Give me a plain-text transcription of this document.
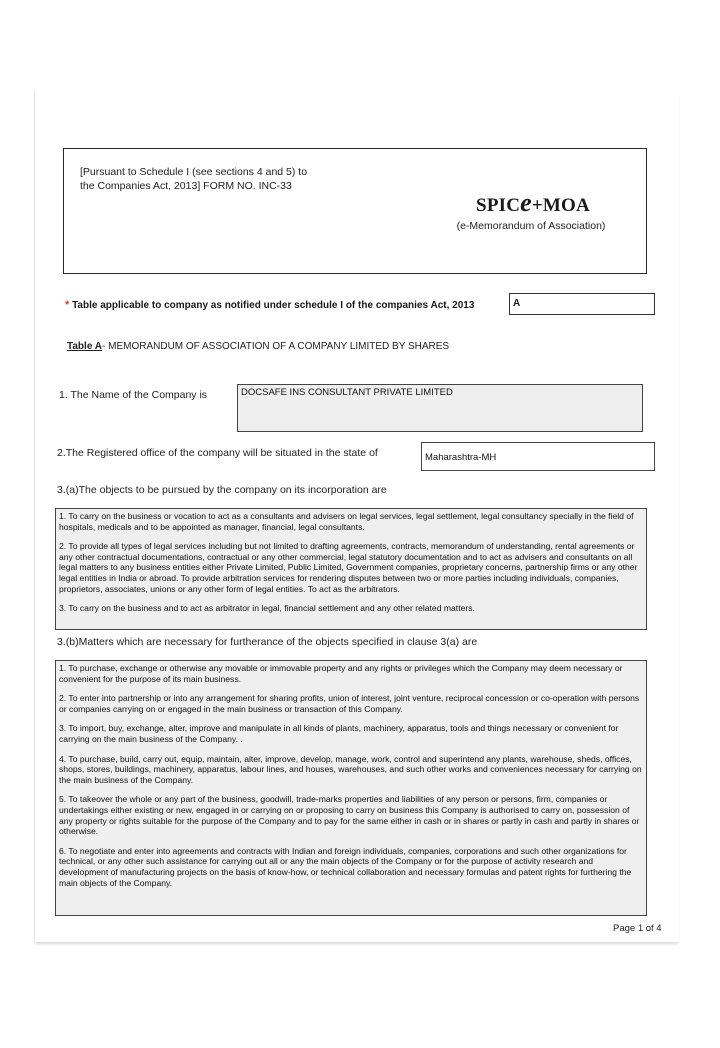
[Pursuant to Schedule I (see sections 4 and 5) to
the Companies Act, 2013] FORM NO. INC-33
SPICe+MOA
(e-Memorandum of Association)
* Table applicable to company as notified under schedule I of the companies Act, 2013	A
Table A- MEMORANDUM OF ASSOCIATION OF A COMPANY LIMITED BY SHARES
1. The Name of the Company is	DOCSAFE INS CONSULTANT PRIVATE LIMITED
2.The Registered office of the company will be situated in the state of	Maharashtra-MH
3.(a)The objects to be pursued by the company on its incorporation are

1. To carry on the business or vocation to act as a consultants and advisers on legal services, legal settlement, legal consultancy specially in the field of hospitals, medicals and to be appointed as manager, financial, legal consultants.

2. To provide all types of legal services including but not limited to drafting agreements, contracts, memorandum of understanding, rental agreements or any other contractual documentations, contractual or any other commercial, legal statutory documentation and to act as advisers and consultants on all legal matters to any business entities either Private Limited, Public Limited, Government companies, proprietary concerns, partnership firms or any other legal entities in India or abroad. To provide arbitration services for rendering disputes between two or more parties including individuals, companies, proprietors, associates, unions or any other form of legal entities. To act as the arbitrators.

3. To carry on the business and to act as arbitrator in legal, financial settlement and any other related matters.

3.(b)Matters which are necessary for furtherance of the objects specified in clause 3(a) are

1. To purchase, exchange or otherwise any movable or immovable property and any rights or privileges which the Company may deem necessary or convenient for the purpose of its main business.

2. To enter into partnership or into any arrangement for sharing profits, union of interest, joint venture, reciprocal concession or co-operation with persons or companies carrying on or engaged in the main business or transaction of this Company.

3. To import, buy, exchange, alter, improve and manipulate in all kinds of plants, machinery, apparatus, tools and things necessary or convenient for carrying on the main business of the Company. .

4. To purchase, build, carry out, equip, maintain, alter, improve, develop, manage, work, control and superintend any plants, warehouse, sheds, offices, shops, stores, buildings, machinery, apparatus, labour lines, and houses, warehouses, and such other works and conveniences necessary for carrying on the main business of the Company.

5. To takeover the whole or any part of the business, goodwill, trade-marks properties and liabilities of any person or persons, firm, companies or undertakings either existing or new, engaged in or carrying on or proposing to carry on business this Company is authorised to carry on, possession of any property or rights suitable for the purpose of the Company and to pay for the same either in cash or in shares or partly in cash and partly in shares or otherwise.

6. To negotiate and enter into agreements and contracts with Indian and foreign individuals, companies, corporations and such other organizations for technical, or any other such assistance for carrying out all or any the main objects of the Company or for the purpose of activity research and development of manufacturing projects on the basis of know-how, or technical collaboration and necessary formulas and patent rights for furthering the main objects of the Company.

Page 1 of 4
